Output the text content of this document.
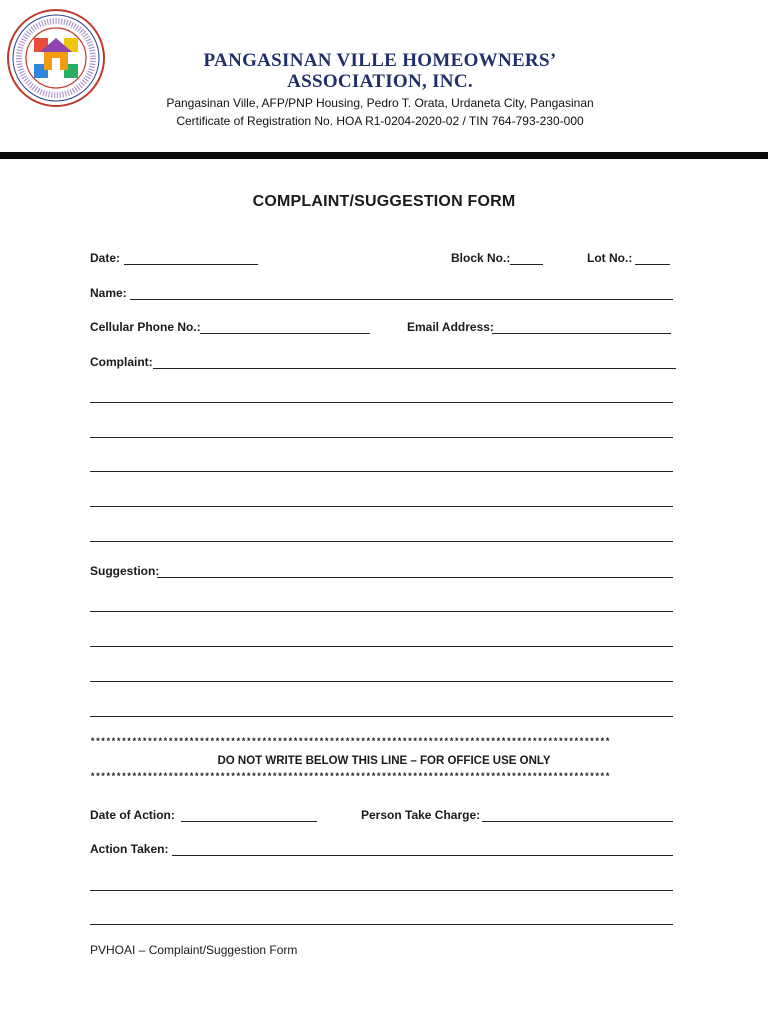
PANGASINAN VILLE HOMEOWNERS’
ASSOCIATION, INC.
Pangasinan Ville, AFP/PNP Housing, Pedro T. Orata, Urdaneta City, Pangasinan
Certificate of Registration No. HOA R1-0204-2020-02 / TIN 764-793-230-000
COMPLAINT/SUGGESTION FORM
Date:	Block No.:	Lot No.:
Name:
Cellular Phone No.:	Email Address:
Complaint:
Suggestion:
****************************************************************************************************
DO NOT WRITE BELOW THIS LINE – FOR OFFICE USE ONLY
****************************************************************************************************
Date of Action:	Person Take Charge:
Action Taken:
PVHOAI – Complaint/Suggestion Form
